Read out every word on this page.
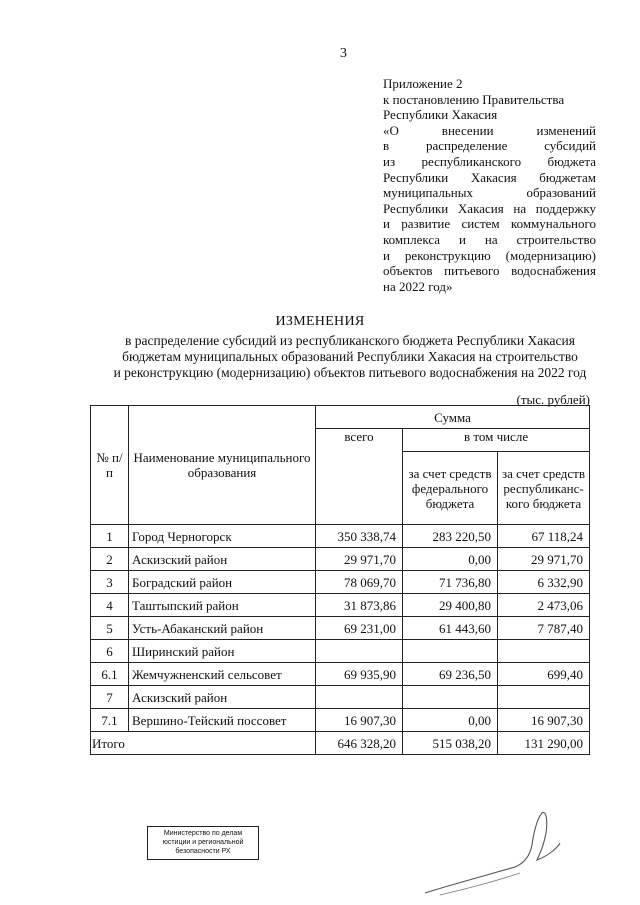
3
Приложение 2
к постановлению Правительства
Республики Хакасия
«О внесении изменений
в распределение субсидий
из республиканского бюджета
Республики Хакасия бюджетам
муниципальных образований
Республики Хакасия на поддержку
и развитие систем коммунального
комплекса и на строительство
и реконструкцию (модернизацию)
объектов питьевого водоснабжения
на 2022 год»
ИЗМЕНЕНИЯ
в распределение субсидий из республиканского бюджета Республики Хакасия
бюджетам муниципальных образований Республики Хакасия на строительство
и реконструкцию (модернизацию) объектов питьевого водоснабжения на 2022 год
(тыс. рублей)
№ п/п	Наименование муниципального образования	Сумма		
		всего	в том числе	
			за счет средств федерального бюджета	за счет средств республиканс-кого бюджета
1	Город Черногорск	350 338,74	283 220,50	67 118,24
2	Аскизский район	29 971,70	0,00	29 971,70
3	Боградский район	78 069,70	71 736,80	6 332,90
4	Таштыпский район	31 873,86	29 400,80	2 473,06
5	Усть-Абаканский район	69 231,00	61 443,60	7 787,40
6	Ширинский район			
6.1	Жемчужненский сельсовет	69 935,90	69 236,50	699,40
7	Аскизский район			
7.1	Вершино-Тейский поссовет	16 907,30	0,00	16 907,30
Итого		646 328,20	515 038,20	131 290,00
Министерство по делам
юстиции и региональной
безопасности РХ
